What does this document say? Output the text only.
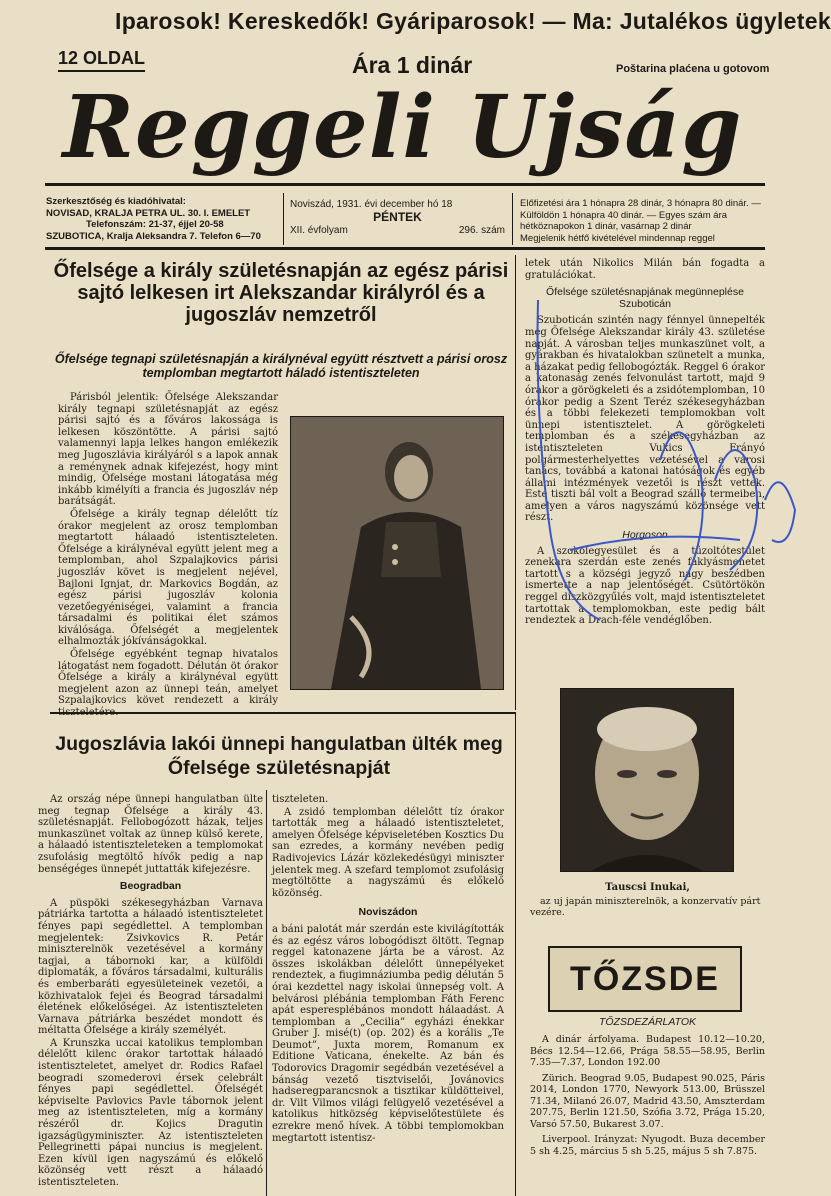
Iparosok! Kereskedők! Gyáriparosok! — Ma: Jutalékos ügyletek
12 OLDAL	Ára 1 dinár	Poštarina plaćena u gotovom
Reggeli Ujság
Szerkesztőség és kiadóhivatal:
NOVISAD, KRALJA PETRA UL. 30. I. EMELET
Telefonszám: 21-37, éjjel 20-58
SZUBOTICA, Kralja Aleksandra 7. Telefon 6—70
Noviszád, 1931. évi december hó 18
PÉNTEK
XII. évfolyam	296. szám
Előfizetési ára 1 hónapra 28 dinár, 3 hónapra 80 dinár. — Külföldön 1 hónapra 40 dinár. — Egyes szám ára hétköznapokon 1 dinár, vasárnap 2 dinár
Megjelenik hétfő kivételével mindennap reggel
Őfelsége a király születésnapján az egész párisi sajtó lelkesen irt Alekszandar királyról és a jugoszláv nemzetről
Őfelsége tegnapi születésnapján a királynéval együtt résztvett a párisi orosz templomban megtartott háladó istentiszteleten

Párisból jelentik: Őfelsége Alekszandar király tegnapi születésnapját az egész párisi sajtó és a főváros lakossága is lelkesen köszöntötte. A párisi sajtó valamennyi lapja lelkes hangon emlékezik meg Jugoszlávia királyáról s a lapok annak a reménynek adnak kifejezést, hogy mint mindig, Őfelsége mostani látogatása még inkább kimélyíti a francia és jugoszláv nép barátságát.

Őfelsége a király tegnap délelőtt tíz órakor megjelent az orosz templomban megtartott hálaadó istentiszteleten. Őfelsége a királynéval együtt jelent meg a templomban, ahol Szpalajkovics párisi jugoszláv követ is megjelent nejével, Bajloni Ignjat, dr. Markovics Bogdán, az egész párisi jugoszláv kolonia vezetőegyéniségei, valamint a francia társadalmi és politikai élet számos kiválósága. Őfelségét a megjelentek elhalmozták jókívánságokkal.

Őfelsége egyébként tegnap hivatalos látogatást nem fogadott. Délután öt órakor Őfelsége a király a királynéval együtt megjelent azon az ünnepi teán, amelyet Szpalajkovics követ rendezett a király

letek után Nikolics Milán bán fogadta a gratulációkat.

Őfelsége születésnapjának megünneplése Szuboticán

Szuboticán szintén nagy fénnyel ünnepelték meg Őfelsége Alekszandar király 43. születése napját. A városban teljes munkaszünet volt, a gyárakban és hivatalokban szünetelt a munka, a házakat pedig fellobogózták. Reggel 6 órakor a katonaság zenés felvonulást tartott, majd 9 órakor a görögkeleti és a zsidótemplomban, 10 órakor pedig a Szent Teréz székesegyházban és a többi felekezeti templomokban volt ünnepi istentisztelet. A görögkeleti templomban és a székesegyházban az istentiszteleten Vukics Frányó polgármesterhelyettes vezetésével a városi tanács, továbbá a katonai hatóságok és egyéb állami intézmények vezetői is részt vettek. Este tiszti bál volt a Beograd szálló termeiben, amelyen a város nagyszámú közönsége vett részt.

Horgoson

A szokolegyesület és a tűzoltótestület zenekara szerdán este zenés fáklyásmenetet tartott s a községi jegyző nagy beszédben ismertette a nap jelentőségét. Csütörtökön reggel diszközgyűlés volt, majd istentiszteletet tartottak a templomokban, este pedig bált rendeztek a Drach-féle vendéglőben.

Tauscsi Inukai,
az uj japán miniszterelnök, a konzervatív párt vezére.
Jugoszlávia lakói ünnepi hangulatban ülték meg Őfelsége születésnapját

Az ország népe ünnepi hangulatban ülte meg tegnap Őfelsége a király 43. születésnapját. Fellobogózott házak, teljes munkaszünet voltak az ünnep külső kerete, a hálaadó istentiszteleteken a templomokat zsufolásig megtöltő hívők pedig a nap benségéges ünnepét juttatták kifejezésre.

Beogradban

A püspöki székesegyházban Varnava pátriárka tartotta a hálaadó istentiszteletet fényes papi segédlettel. A templomban megjelentek: Zsivkovics R. Petár miniszterelnök vezetésével a kormány tagjai, a tábornoki kar, a külföldi diplomaták, a főváros társadalmi, kulturális és emberbaráti egyesületeinek vezetői, a közhivatalok fejei és Beograd társadalmi életének előkelőségei. Az istentiszteleten Varnava pátriárka beszédet mondott és méltatta Őfelsége a király személyét.

A Krunszka uccai katolikus templomban délelőtt kilenc órakor tartottak hálaadó istentiszteletet, amelyet dr. Rodics Rafael beogradi szomederovi érsek celebrált fényes papi segédlettel. Őfelségét képviselte Pavlovics Pavle tábornok jelent meg az istentiszteleten, míg a kormány részéről dr. Kojics Dragutin igazságügyminiszter. Az istentiszteleten Pellegrinetti pápai nuncius is megjelent. Ezen kívül igen nagyszámú és előkelő közönség vett részt a hálaadó istentiszteleten.

tiszteleten.

A zsidó templomban délelőtt tíz órakor tartották meg a hálaadó istentiszteletet, amelyen Őfelsége képviseletében Kosztics Du san ezredes, a kormány nevében pedig Radivojevics Lázár közlekedésügyi miniszter jelentek meg. A szefard templomot zsufolásig megtöltötte a nagyszámú és előkelő közönség.

Noviszádon

a báni palotát már szerdán este kivilágították és az egész város lobogódiszt öltött. Tegnap reggel katonazene járta be a várost. Az összes iskolákban délelőtt ünnepélyeket rendeztek, a fiugimnáziumba pedig délután 5 órai kezdettel nagy iskolai ünnepség volt. A belvárosi plébánia templomban Fáth Ferenc apát esperesplébános mondott hálaadást. A templomban a „Cecilia” egyházi énekkar Gruber J. misé(t) (op. 202) és a korális „Te Deumot”, Juxta morem, Romanum ex Editione Vaticana, énekelte. Az bán és Todorovics Dragomir segédbán vezetésével a bánság vezető tisztviselői, Jovánovics hadseregparancsnok a tisztikar küldötteivel, dr. Vilt Vilmos világi felügyelő vezetésével a katolikus hitközség képviselőtestülete és ezrekre menő hívek. A többi templomokban megtartott istentisz-

TŐZSDE
TŐZSDEZÁRLATOK

A dinár árfolyama. Budapest 10.12—10.20, Bécs 12.54—12.66, Prága 58.55—58.95, Berlin 7.35—7.37, London 192.00

Zürich. Beograd 9.05, Budapest 90.025, Páris 2014, London 1770, Newyork 513.00, Brüsszel 71.34, Milanó 26.07, Madrid 43.50, Amszterdam 207.75, Berlin 121.50, Szófia 3.72, Prága 15.20, Varsó 57.50, Bukarest 3.07.

Liverpool. Irányzat: Nyugodt. Buza december 5 sh 4.25, március 5 sh 5.25, május 5 sh 7.875.
